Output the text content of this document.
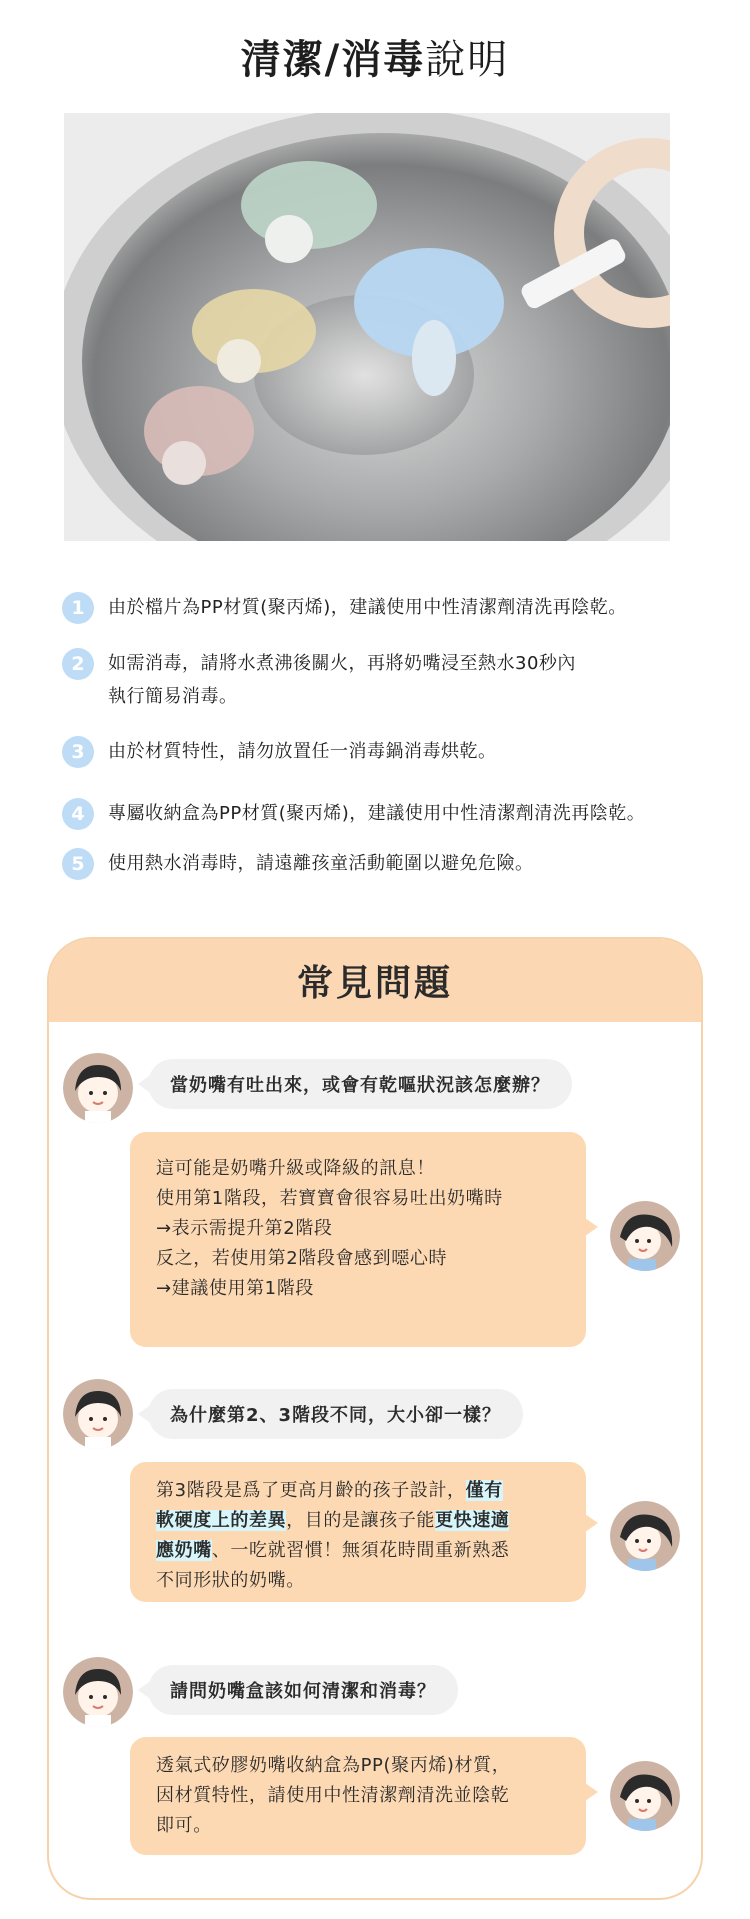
清潔/消毒說明
1	由於檔片為PP材質(聚丙烯)，建議使用中性清潔劑清洗再陰乾。
2	如需消毒，請將水煮沸後關火，再將奶嘴浸至熱水30秒內
執行簡易消毒。
3	由於材質特性，請勿放置任一消毒鍋消毒烘乾。
4	專屬收納盒為PP材質(聚丙烯)，建議使用中性清潔劑清洗再陰乾。
5	使用熱水消毒時，請遠離孩童活動範圍以避免危險。
常見問題
當奶嘴有吐出來，或會有乾嘔狀況該怎麼辦？
這可能是奶嘴升級或降級的訊息！
使用第1階段，若寶寶會很容易吐出奶嘴時
→表示需提升第2階段
反之，若使用第2階段會感到噁心時
→建議使用第1階段
為什麼第2、3階段不同，大小卻一樣？
第3階段是爲了更高月齡的孩子設計，僅有
軟硬度上的差異，目的是讓孩子能更快速適
應奶嘴、一吃就習慣！無須花時間重新熟悉
不同形狀的奶嘴。
請問奶嘴盒該如何清潔和消毒？
透氣式矽膠奶嘴收納盒為PP(聚丙烯)材質，
因材質特性，請使用中性清潔劑清洗並陰乾
即可。
